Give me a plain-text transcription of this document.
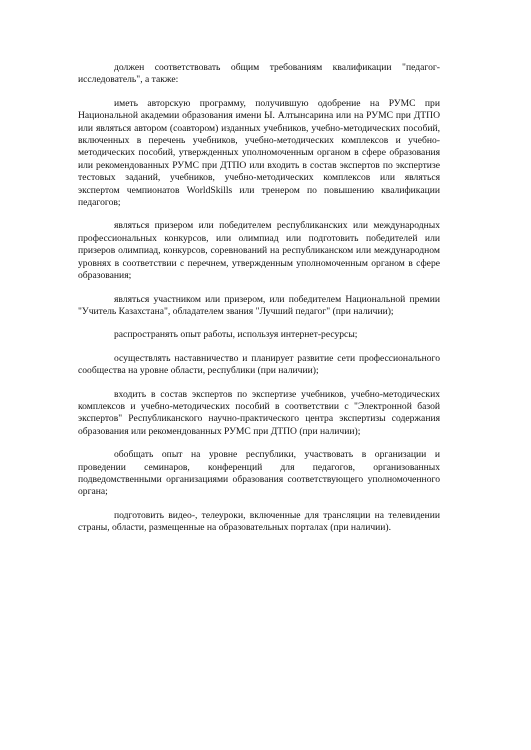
должен соответствовать общим требованиям квалификации "педагог-исследователь", а также:

иметь авторскую программу, получившую одобрение на РУМС при Национальной академии образования имени Ы. Алтынсарина или на РУМС при ДТПО или являться автором (соавтором) изданных учебников, учебно-методических пособий, включенных в перечень учебников, учебно-методических комплексов и учебно-методических пособий, утвержденных уполномоченным органом в сфере образования или рекомендованных РУМС при ДТПО или входить в состав экспертов по экспертизе тестовых заданий, учебников, учебно-методических комплексов или являться экспертом чемпионатов WorldSkills или тренером по повышению квалификации педагогов;

являться призером или победителем республиканских или международных профессиональных конкурсов, или олимпиад или подготовить победителей или призеров олимпиад, конкурсов, соревнований на республиканском или международном уровнях в соответствии с перечнем, утвержденным уполномоченным органом в сфере образования;

являться участником или призером, или победителем Национальной премии "Учитель Казахстана", обладателем звания "Лучший педагог" (при наличии);

распространять опыт работы, используя интернет-ресурсы;

осуществлять наставничество и планирует развитие сети профессионального сообщества на уровне области, республики (при наличии);

входить в состав экспертов по экспертизе учебников, учебно-методических комплексов и учебно-методических пособий в соответствии с "Электронной базой экспертов" Республиканского научно-практического центра экспертизы содержания образования или рекомендованных РУМС при ДТПО (при наличии);

обобщать опыт на уровне республики, участвовать в организации и проведении семинаров, конференций для педагогов, организованных подведомственными организациями образования соответствующего уполномоченного органа;

подготовить видео-, телеуроки, включенные для трансляции на телевидении страны, области, размещенные на образовательных порталах (при наличии).
